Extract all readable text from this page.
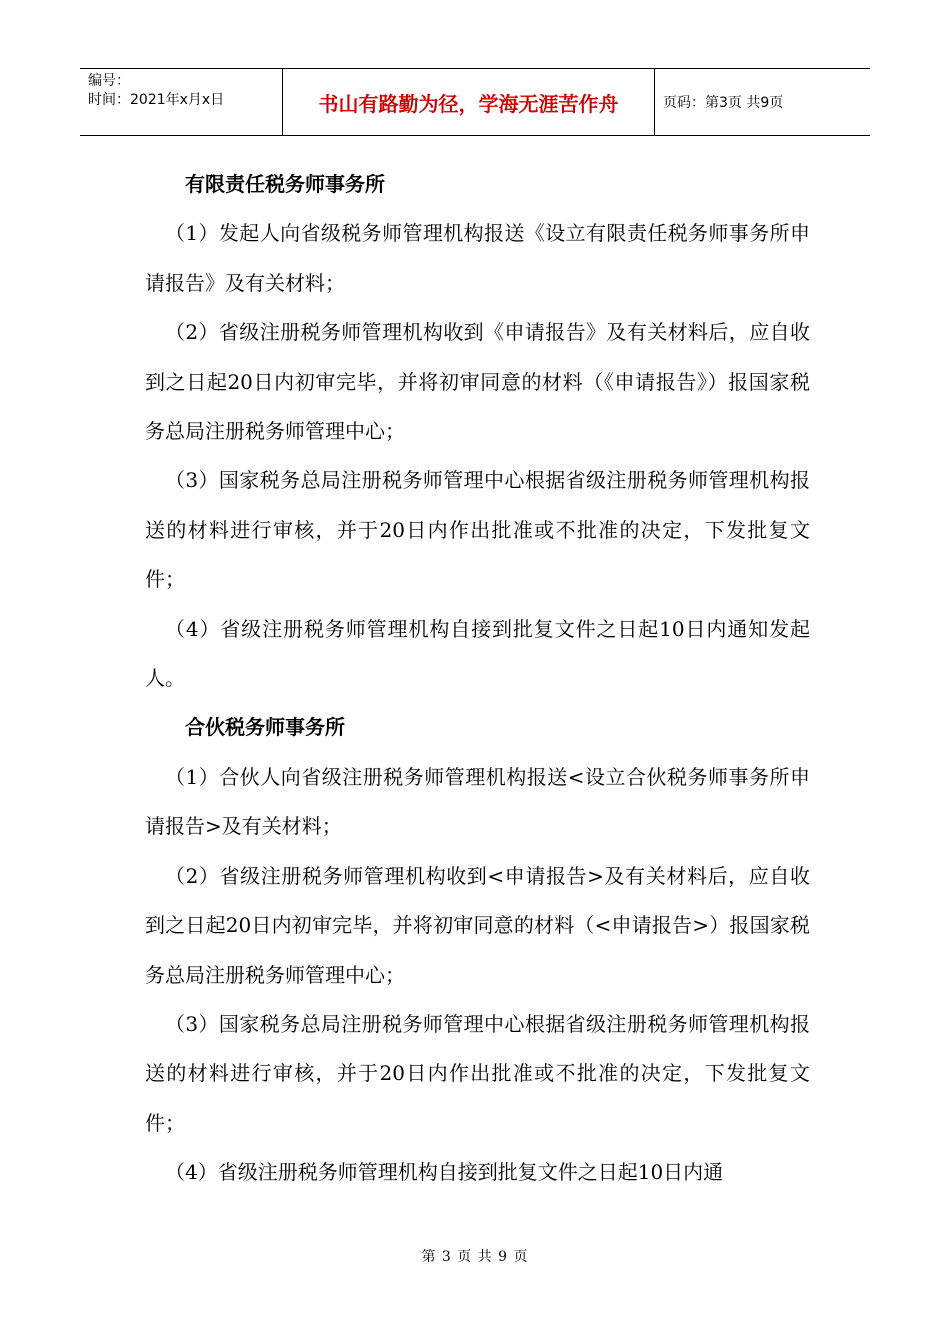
编号：
时间：2021年x月x日	书山有路勤为径，学海无涯苦作舟	页码：第3页 共9页

有限责任税务师事务所

（1）发起人向省级税务师管理机构报送《设立有限责任税务师事务所申请报告》及有关材料；

（2）省级注册税务师管理机构收到《申请报告》及有关材料后，应自收到之日起20日内初审完毕，并将初审同意的材料（《申请报告》）报国家税务总局注册税务师管理中心；

（3）国家税务总局注册税务师管理中心根据省级注册税务师管理机构报送的材料进行审核，并于20日内作出批准或不批准的决定，下发批复文件；

（4）省级注册税务师管理机构自接到批复文件之日起10日内通知发起人。

合伙税务师事务所

（1）合伙人向省级注册税务师管理机构报送<设立合伙税务师事务所申请报告>及有关材料；

（2）省级注册税务师管理机构收到<申请报告>及有关材料后，应自收到之日起20日内初审完毕，并将初审同意的材料（<申请报告>）报国家税务总局注册税务师管理中心；

（3）国家税务总局注册税务师管理中心根据省级注册税务师管理机构报送的材料进行审核，并于20日内作出批准或不批准的决定，下发批复文件；

（4）省级注册税务师管理机构自接到批复文件之日起10日内通

第 3 页 共 9 页
